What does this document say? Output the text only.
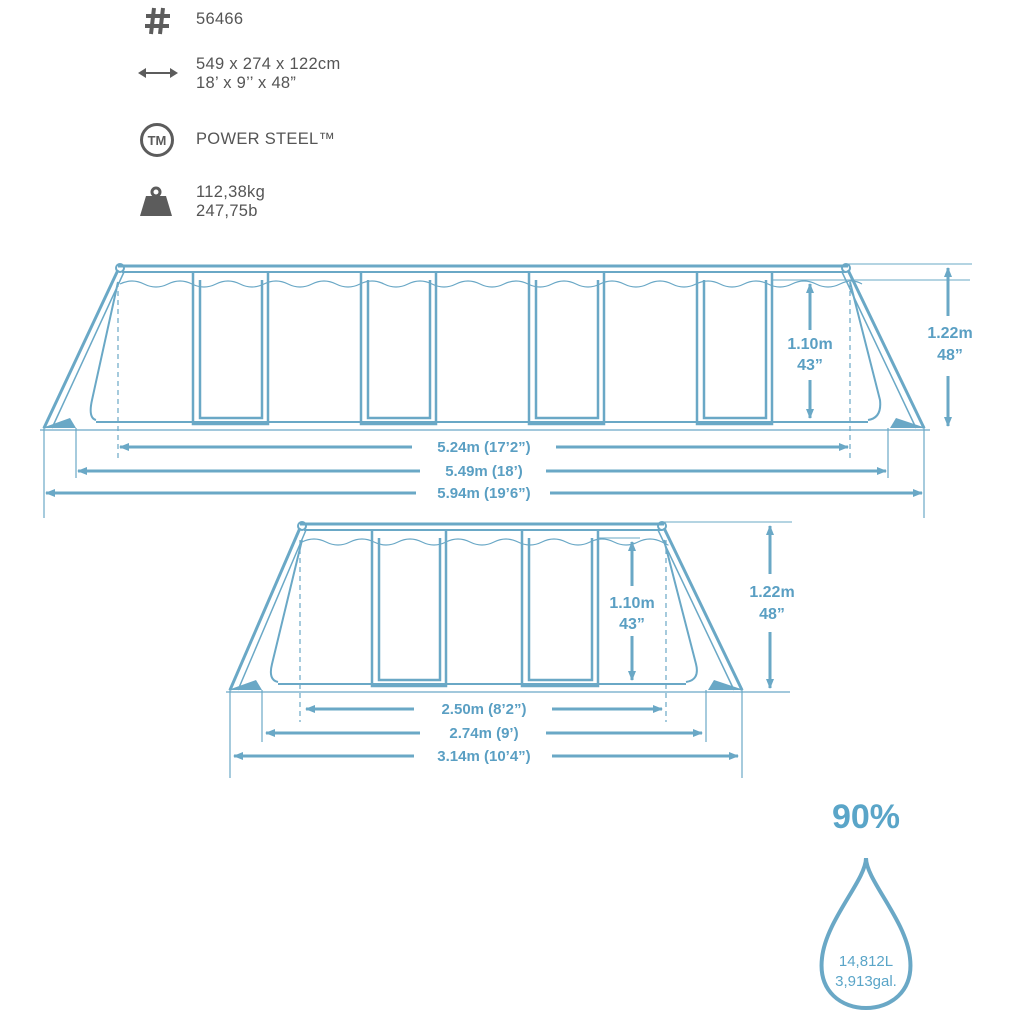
56466
549 x 274 x 122cm
18’ x 9’’ x 48”
TM POWER STEEL™
112,38kg
247,75b
5.24m (17’2”)
5.49m (18’)
5.94m (19’6”)
1.10m
43”
1.22m
48”
2.50m (8’2”)
2.74m (9’)
3.14m (10’4”)
1.10m
43”
1.22m
48”
90%
14,812L
3,913gal.
